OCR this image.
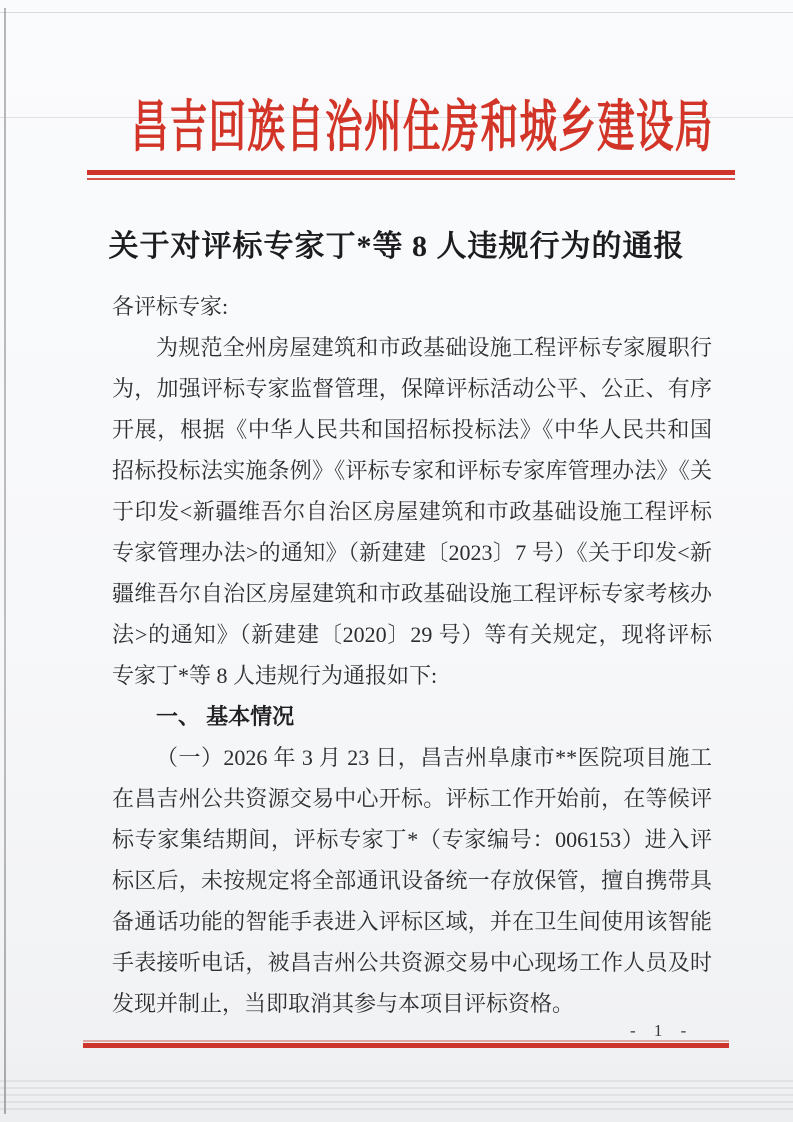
昌吉回族自治州住房和城乡建设局
关于对评标专家丁*等 8 人违规行为的通报

各评标专家:

为规范全州房屋建筑和市政基础设施工程评标专家履职行为，加强评标专家监督管理，保障评标活动公平、公正、有序开展，根据《中华人民共和国招标投标法》《中华人民共和国招标投标法实施条例》《评标专家和评标专家库管理办法》《关于印发<新疆维吾尔自治区房屋建筑和市政基础设施工程评标专家管理办法>的通知》（新建建〔2023〕7 号）《关于印发<新疆维吾尔自治区房屋建筑和市政基础设施工程评标专家考核办法>的通知》（新建建〔2020〕29 号）等有关规定，现将评标专家丁*等 8 人违规行为通报如下:

一、 基本情况

（一）2026 年 3 月 23 日，昌吉州阜康市**医院项目施工在昌吉州公共资源交易中心开标。评标工作开始前，在等候评标专家集结期间，评标专家丁*（专家编号：006153）进入评标区后，未按规定将全部通讯设备统一存放保管，擅自携带具备通话功能的智能手表进入评标区域，并在卫生间使用该智能手表接听电话，被昌吉州公共资源交易中心现场工作人员及时发现并制止，当即取消其参与本项目评标资格。

- 1 -
